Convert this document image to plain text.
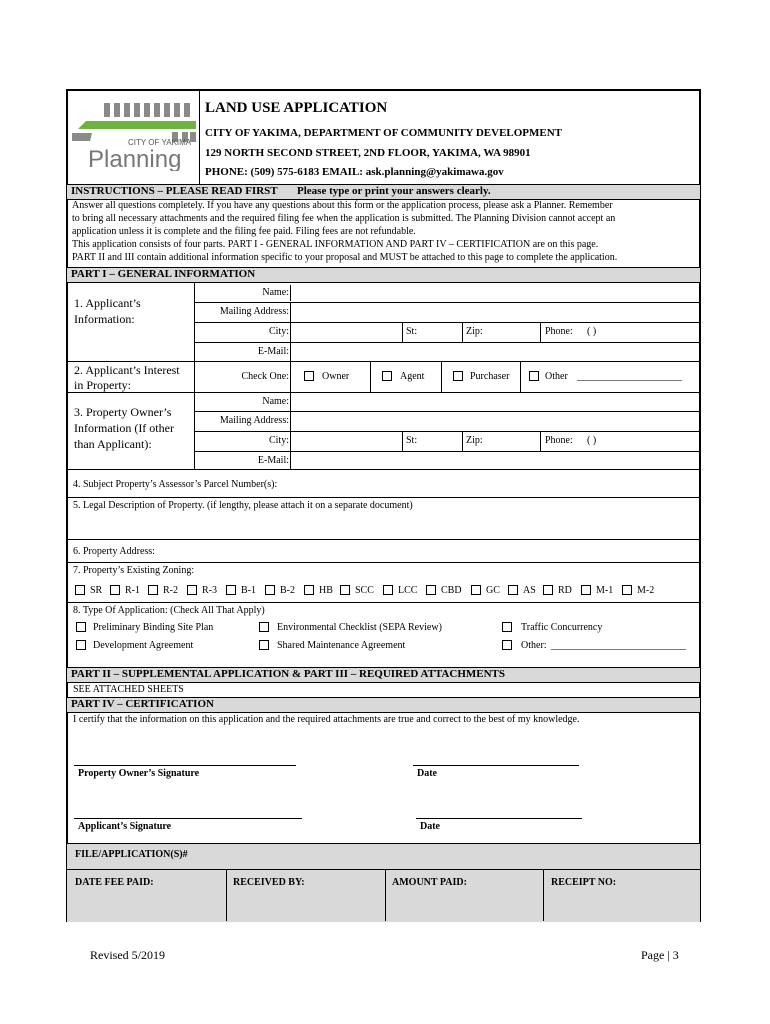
CITY OF YAKIMA
Planning
LAND USE APPLICATION
CITY OF YAKIMA, DEPARTMENT OF COMMUNITY DEVELOPMENT
129 NORTH SECOND STREET, 2ND FLOOR, YAKIMA, WA 98901
PHONE: (509) 575-6183 EMAIL: ask.planning@yakimawa.gov
INSTRUCTIONS – PLEASE READ FIRST Please type or print your answers clearly.
Answer all questions completely. If you have any questions about this form or the application process, please ask a Planner. Remember
to bring all necessary attachments and the required filing fee when the application is submitted. The Planning Division cannot accept an
application unless it is complete and the filing fee paid. Filing fees are not refundable.
This application consists of four parts. PART I - GENERAL INFORMATION AND PART IV – CERTIFICATION are on this page.
PART II and III contain additional information specific to your proposal and MUST be attached to this page to complete the application.
PART I – GENERAL INFORMATION
1. Applicant’s
Information:
Name:
Mailing Address:
City:	St:	Zip:	Phone: ( )
E-Mail:
2. Applicant’s Interest
in Property:
Check One:	Owner	Agent	Purchaser	Other _____________________
3. Property Owner’s
Information (If other
than Applicant):
Name:
Mailing Address:
City:	St:	Zip:	Phone: ( )
E-Mail:
4. Subject Property’s Assessor’s Parcel Number(s):
5. Legal Description of Property. (if lengthy, please attach it on a separate document)
6. Property Address:
7. Property’s Existing Zoning:
SR R-1 R-2 R-3 B-1 B-2 HB SCC LCC CBD GC AS RD M-1 M-2
8. Type Of Application: (Check All That Apply)
Preliminary Binding Site Plan	Environmental Checklist (SEPA Review)	Traffic Concurrency
Development Agreement	Shared Maintenance Agreement	Other: ___________________________
PART II – SUPPLEMENTAL APPLICATION & PART III – REQUIRED ATTACHMENTS
SEE ATTACHED SHEETS
PART IV – CERTIFICATION
I certify that the information on this application and the required attachments are true and correct to the best of my knowledge.
Property Owner’s Signature	Date
Applicant’s Signature	Date
FILE/APPLICATION(S)#
DATE FEE PAID:	RECEIVED BY:	AMOUNT PAID:	RECEIPT NO:
Revised 5/2019	Page | 3
